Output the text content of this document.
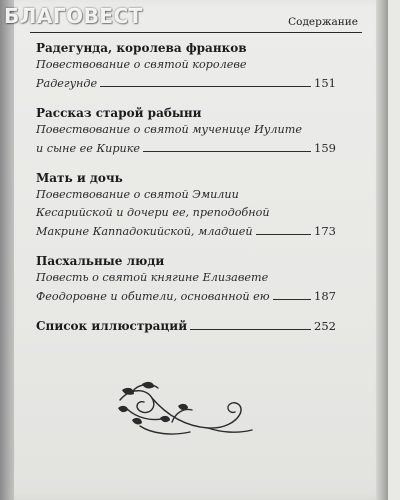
БЛАГОВЕСТ	Содержание
Радегунда, королева франков
Повествование о святой королеве
Радегунде	151
Рассказ старой рабыни
Повествование о святой мученице Иулите
и сыне ее Кирике	159
Мать и дочь
Повествование о святой Эмилии
Кесарийской и дочери ее, преподобной
Макрине Каппадокийской, младшей	173
Пасхальные люди
Повесть о святой княгине Елизавете
Феодоровне и обители, основанной ею	187
Список иллюстраций	252
